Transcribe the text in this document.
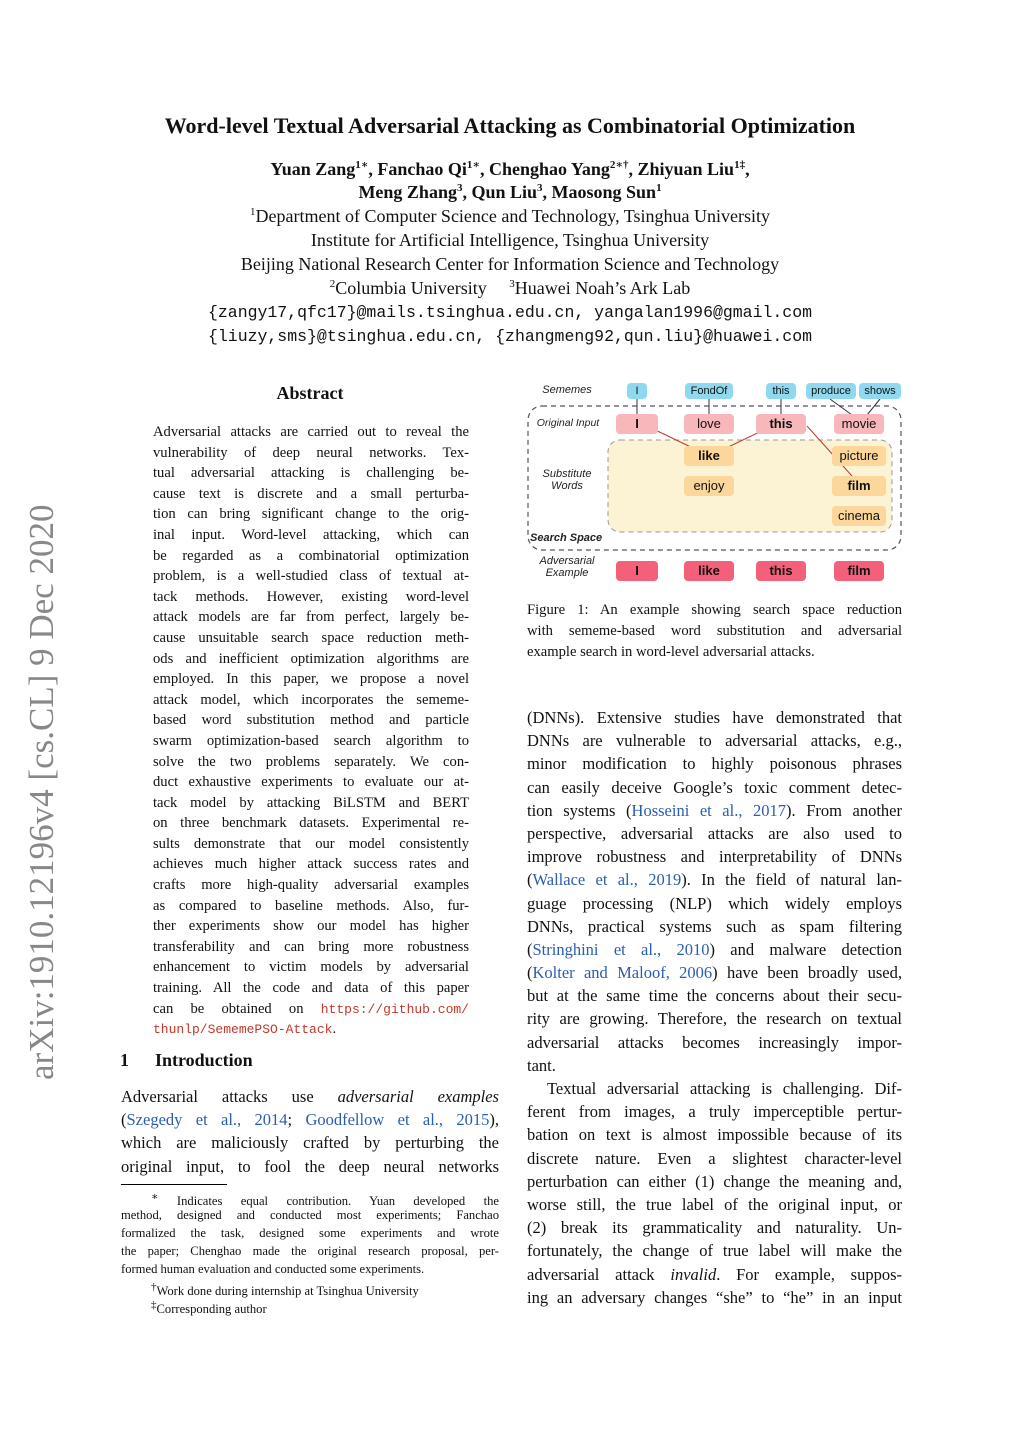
arXiv:1910.12196v4 [cs.CL] 9 Dec 2020
Word-level Textual Adversarial Attacking as Combinatorial Optimization
Yuan Zang$^{1∗}$, Fanchao $Qi^{1∗}$, Chenghao Yang$^{2∗\dagger}$, Zhiyuan Liu$^{1\ddagger}$,
Meng Zhang$^3$, Qun Liu$^3$, Maosong Sun$^1$
$^1$Department of Computer Science and Technology, Tsinghua University
Institute for Artificial Intelligence, Tsinghua University
Beijing National Research Center for Information Science and Technology
$^2$Columbia University $^3$Huawei Noah’s Ark Lab
{zangy17,qfc17}@mails.tsinghua.edu.cn, yangalan1996@gmail.com
{liuzy,sms}@tsinghua.edu.cn, {zhangmeng92,qun.liu}@huawei.com
Abstract
Adversarial attacks are carried out to reveal the
vulnerability of deep neural networks. Tex-
tual adversarial attacking is challenging be-
cause text is discrete and a small perturba-
tion can bring significant change to the orig-
inal input. Word-level attacking, which can
be regarded as a combinatorial optimization
problem, is a well-studied class of textual at-
tack methods. However, existing word-level
attack models are far from perfect, largely be-
cause unsuitable search space reduction meth-
ods and inefficient optimization algorithms are
employed. In this paper, we propose a novel
attack model, which incorporates the sememe-
based word substitution method and particle
swarm optimization-based search algorithm to
solve the two problems separately. We con-
duct exhaustive experiments to evaluate our at-
tack model by attacking BiLSTM and BERT
on three benchmark datasets. Experimental re-
sults demonstrate that our model consistently
achieves much higher attack success rates and
crafts more high-quality adversarial examples
as compared to baseline methods. Also, fur-
ther experiments show our model has higher
transferability and can bring more robustness
enhancement to victim models by adversarial
training. All the code and data of this paper
can be obtained on https://github.com/
thunlp/SememePSO-Attack.
1 Introduction
Adversarial attacks use adversarial examples
(Szegedy et al., 2014; Goodfellow et al., 2015),
which are maliciously crafted by perturbing the
original input, to fool the deep neural networks
∗ Indicates equal contribution. Yuan developed the
method, designed and conducted most experiments; Fanchao
formalized the task, designed some experiments and wrote
the paper; Chenghao made the original research proposal, per-
formed human evaluation and conducted some experiments.
†Work done during internship at Tsinghua University
‡Corresponding author
Sememes
Original Input
Substitute Words
Search Space
Adversarial Example
I	FondOf	this	produce	shows
I	love	this	movie
like
enjoy
picture
film
cinema
I	like	this	film
Figure 1: An example showing search space reduction
with sememe-based word substitution and adversarial
example search in word-level adversarial attacks.
(DNNs). Extensive studies have demonstrated that
DNNs are vulnerable to adversarial attacks, e.g.,
minor modification to highly poisonous phrases
can easily deceive Google’s toxic comment detec-
tion systems (Hosseini et al., 2017). From another
perspective, adversarial attacks are also used to
improve robustness and interpretability of DNNs
(Wallace et al., 2019). In the field of natural lan-
guage processing (NLP) which widely employs
DNNs, practical systems such as spam filtering
(Stringhini et al., 2010) and malware detection
(Kolter and Maloof, 2006) have been broadly used,
but at the same time the concerns about their secu-
rity are growing. Therefore, the research on textual
adversarial attacks becomes increasingly impor-
tant.
Textual adversarial attacking is challenging. Dif-
ferent from images, a truly imperceptible pertur-
bation on text is almost impossible because of its
discrete nature. Even a slightest character-level
perturbation can either (1) change the meaning and,
worse still, the true label of the original input, or
(2) break its grammaticality and naturality. Un-
fortunately, the change of true label will make the
adversarial attack invalid. For example, suppos-
ing an adversary changes “she” to “he” in an input
